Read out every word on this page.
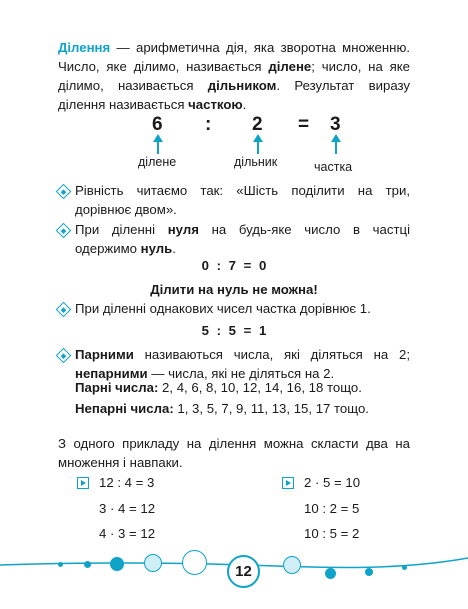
Ділення — арифметична дія, яка зворотна множенню. Число, яке ділимо, називається ділене; число, на яке ділимо, називається дільником. Результат виразу ділення називається часткою.
6 : 2 = 3
ділене	дільник	частка
Рівність читаємо так: «Шість поділити на три, дорівнює двом».
При діленні нуля на будь-яке число в частці одержимо нуль.
0 : 7 = 0
Ділити на нуль не можна!
При діленні однакових чисел частка дорівнює 1.
5 : 5 = 1
Парними називаються числа, які діляться на 2; непарними — числа, які не діляться на 2.
Парні числа: 2, 4, 6, 8, 10, 12, 14, 16, 18 тощо.
Непарні числа: 1, 3, 5, 7, 9, 11, 13, 15, 17 тощо.
З одного прикладу на ділення можна скласти два на множення і навпаки.
12 : 4 = 3
3 · 4 = 12
4 · 3 = 12
2 · 5 = 10
10 : 2 = 5
10 : 5 = 2
12
